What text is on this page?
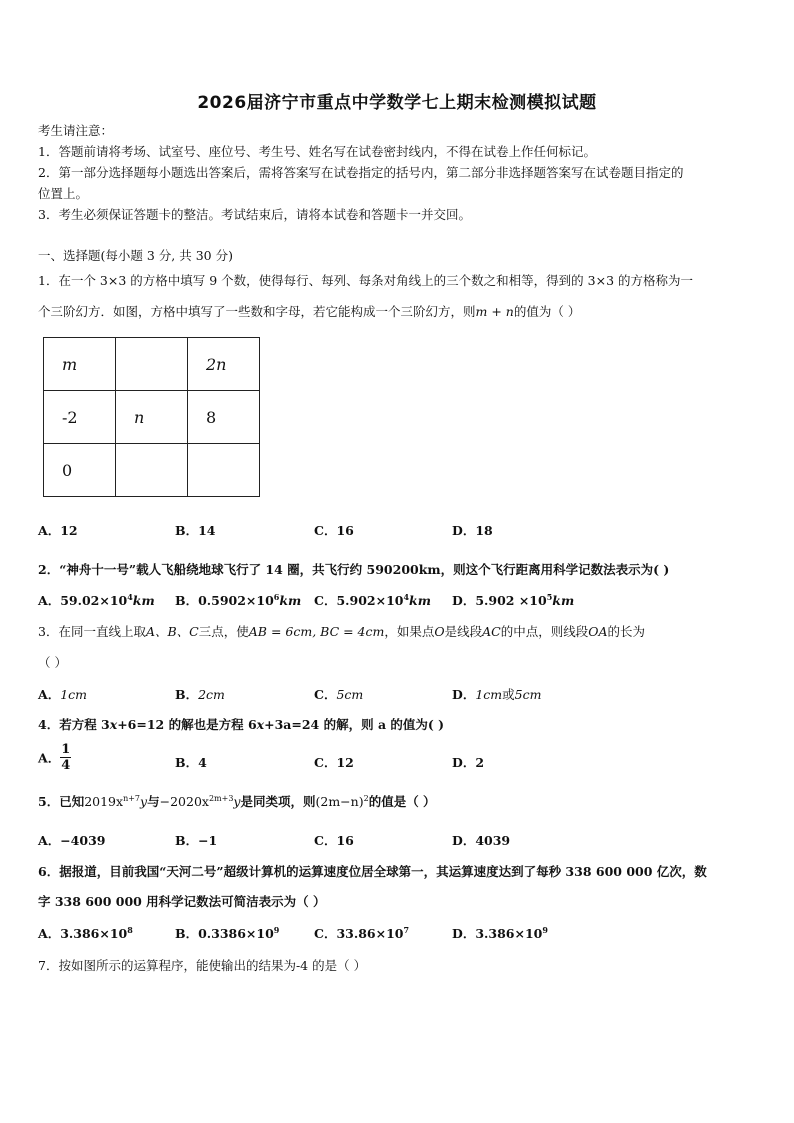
2026届济宁市重点中学数学七上期末检测模拟试题
考生请注意：
1．答题前请将考场、试室号、座位号、考生号、姓名写在试卷密封线内，不得在试卷上作任何标记。
2．第一部分选择题每小题选出答案后，需将答案写在试卷指定的括号内，第二部分非选择题答案写在试卷题目指定的
位置上。
3．考生必须保证答题卡的整洁。考试结束后，请将本试卷和答题卡一并交回。
一、选择题(每小题 3 分, 共 30 分)
1．在一个 3×3 的方格中填写 9 个数，使得每行、每列、每条对角线上的三个数之和相等，得到的 3×3 的方格称为一
个三阶幻方．如图，方格中填写了一些数和字母，若它能构成一个三阶幻方，则m + n的值为（ ）
m		2n
-2	n	8
0		
A．12	B．14	C．16	D．18
2．“神舟十一号”载人飞船绕地球飞行了 14 圈，共飞行约 590200km，则这个飞行距离用科学记数法表示为( )
A．$59.02\times 10^4km$ B．$0.5902\times 10^6km$ C．$5.902\times 10^4km$ D．$5.902 \times 10^5km$
3．在同一直线上取A、B、C三点，使AB = 6cm, BC = 4cm，如果点O是线段AC的中点，则线段OA的长为
（ ）
A．1cm	B．2cm	C．5cm	D．1cm或5cm
4．若方程 3x+6=12 的解也是方程 6x+3a=24 的解，则 a 的值为( )
A． $\frac{1}{4}$	B．4	C．12	D．2
5．已知$2019x^{n+7}y$与$-2020x^{2m+3}y$是同类项，则$(2m-n)^2$的值是（ ）
A．−4039	B．−1	C．16	D．4039
6．据报道，目前我国“天河二号”超级计算机的运算速度位居全球第一，其运算速度达到了每秒 338 600 000 亿次，数
字 338 600 000 用科学记数法可简洁表示为（ ）
A．$3.386\times 10^8$	B．$0.3386\times 10^9$	C．$33.86\times 10^7$	D．$3.386\times 10^9$
7．按如图所示的运算程序，能使输出的结果为-4 的是（ ）
